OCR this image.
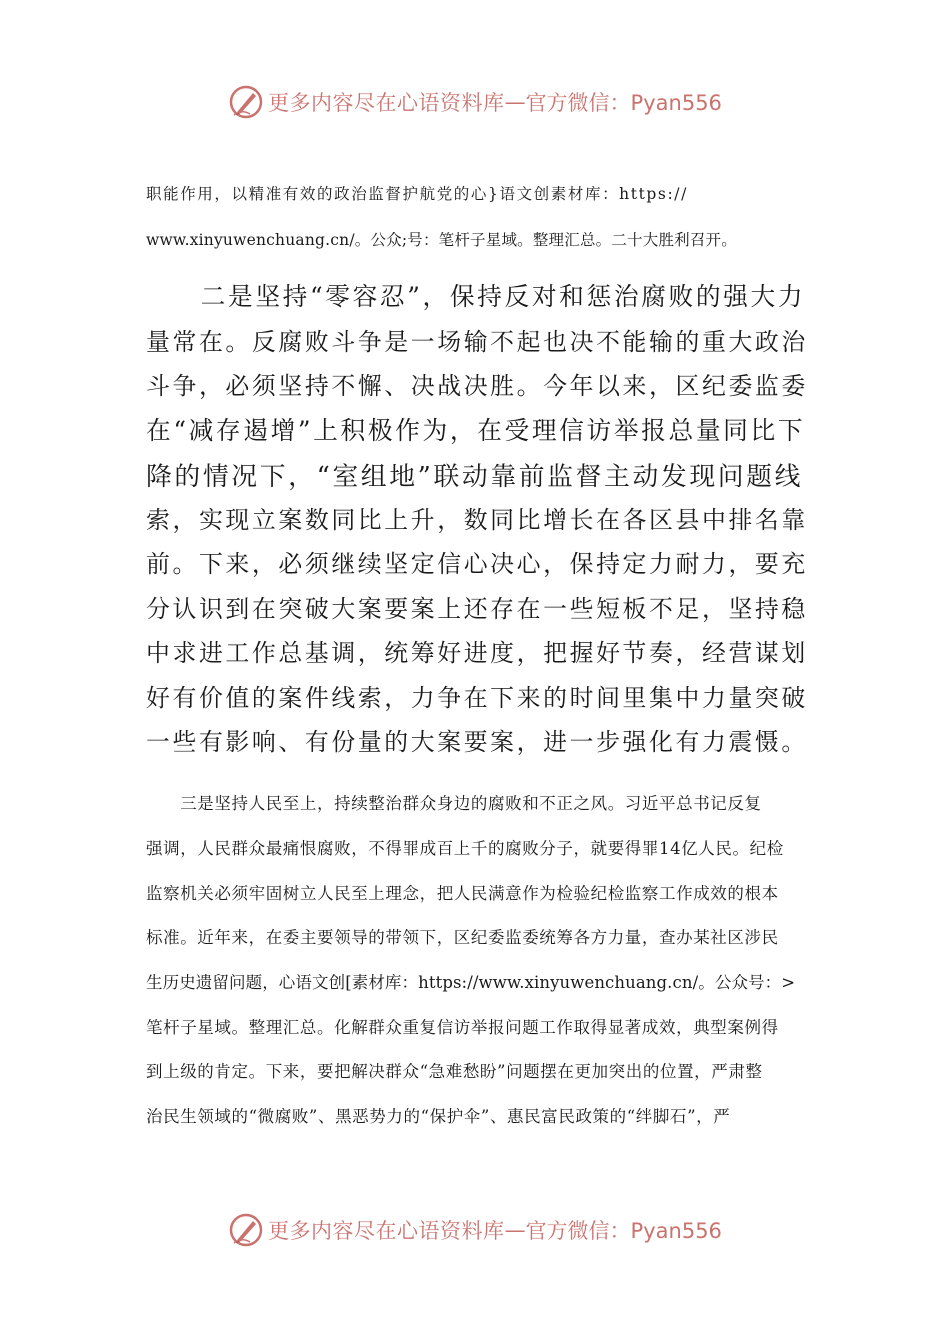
更多内容尽在心语资料库 — 官方微信：Pyan556
职能作用，以精准有效的政治监督护航党的心}语文创素材库：https://
www.xinyuwenchuang.cn/。公众;号：笔杆子星域。整理汇总。二十大胜利召开。
　　二是坚持“零容忍”，保持反对和惩治腐败的强大力
量常在。反腐败斗争是一场输不起也决不能输的重大政治
斗争，必须坚持不懈、决战决胜。今年以来，区纪委监委
在“减存遏增”上积极作为，在受理信访举报总量同比下
降的情况下，“室组地”联动靠前监督主动发现问题线
索，实现立案数同比上升，数同比增长在各区县中排名靠
前。下来，必须继续坚定信心决心，保持定力耐力，要充
分认识到在突破大案要案上还存在一些短板不足，坚持稳
中求进工作总基调，统筹好进度，把握好节奏，经营谋划
好有价值的案件线索，力争在下来的时间里集中力量突破
一些有影响、有份量的大案要案，进一步强化有力震慑。
　　三是坚持人民至上，持续整治群众身边的腐败和不正之风。习近平总书记反复
强调，人民群众最痛恨腐败，不得罪成百上千的腐败分子，就要得罪14亿人民。纪检
监察机关必须牢固树立人民至上理念，把人民满意作为检验纪检监察工作成效的根本
标准。近年来，在委主要领导的带领下，区纪委监委统筹各方力量，查办某社区涉民
生历史遗留问题，心语文创[素材库：https://www.xinyuwenchuang.cn/。公众号：>
笔杆子星域。整理汇总。化解群众重复信访举报问题工作取得显著成效，典型案例得
到上级的肯定。下来，要把解决群众“急难愁盼”问题摆在更加突出的位置，严肃整
治民生领域的“微腐败”、黑恶势力的“保护伞”、惠民富民政策的“绊脚石”，严
更多内容尽在心语资料库 — 官方微信：Pyan556
